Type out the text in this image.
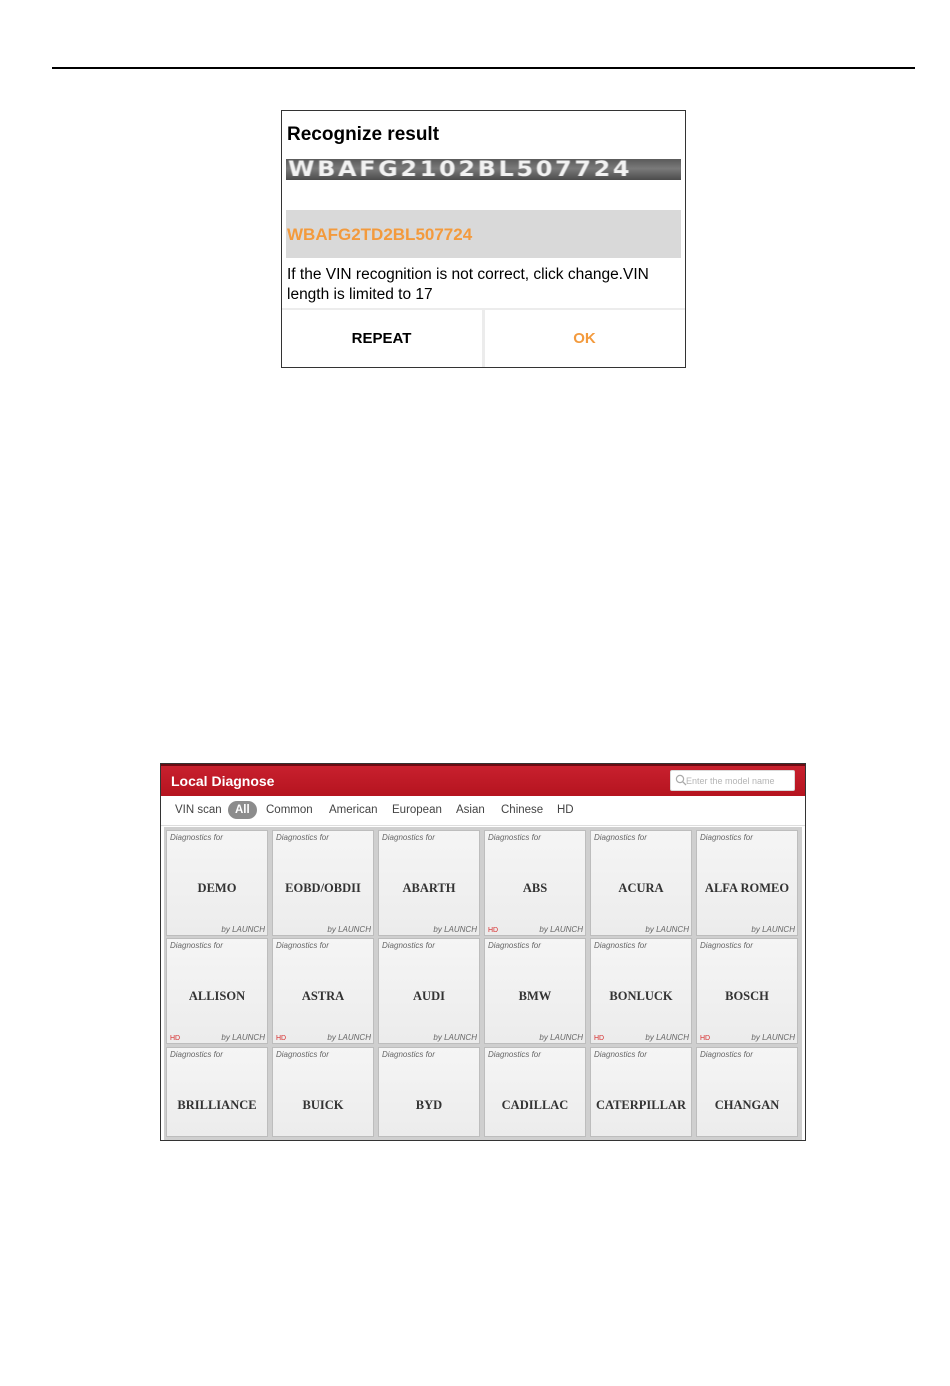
Recognize result
WBAFG2102BL507724
WBAFG2TD2BL507724
If the VIN recognition is not correct, click change.VIN length is limited to 17
REPEAT	OK
Local Diagnose
Enter the model name
VIN scan	All	Common American European Asian Chinese HD
Diagnostics for
DEMO
by LAUNCH
Diagnostics for
EOBD/OBDII
by LAUNCH
Diagnostics for
ABARTH
by LAUNCH
Diagnostics for
ABS
by LAUNCH
HD
Diagnostics for
ACURA
by LAUNCH
Diagnostics for
ALFA ROMEO
by LAUNCH
Diagnostics for
ALLISON
by LAUNCH
HD
Diagnostics for
ASTRA
by LAUNCH
HD
Diagnostics for
AUDI
by LAUNCH
Diagnostics for
BMW
by LAUNCH
Diagnostics for
BONLUCK
by LAUNCH
HD
Diagnostics for
BOSCH
by LAUNCH
HD
Diagnostics for
BRILLIANCE
Diagnostics for
BUICK
Diagnostics for
BYD
Diagnostics for
CADILLAC
Diagnostics for
CATERPILLAR
Diagnostics for
CHANGAN
